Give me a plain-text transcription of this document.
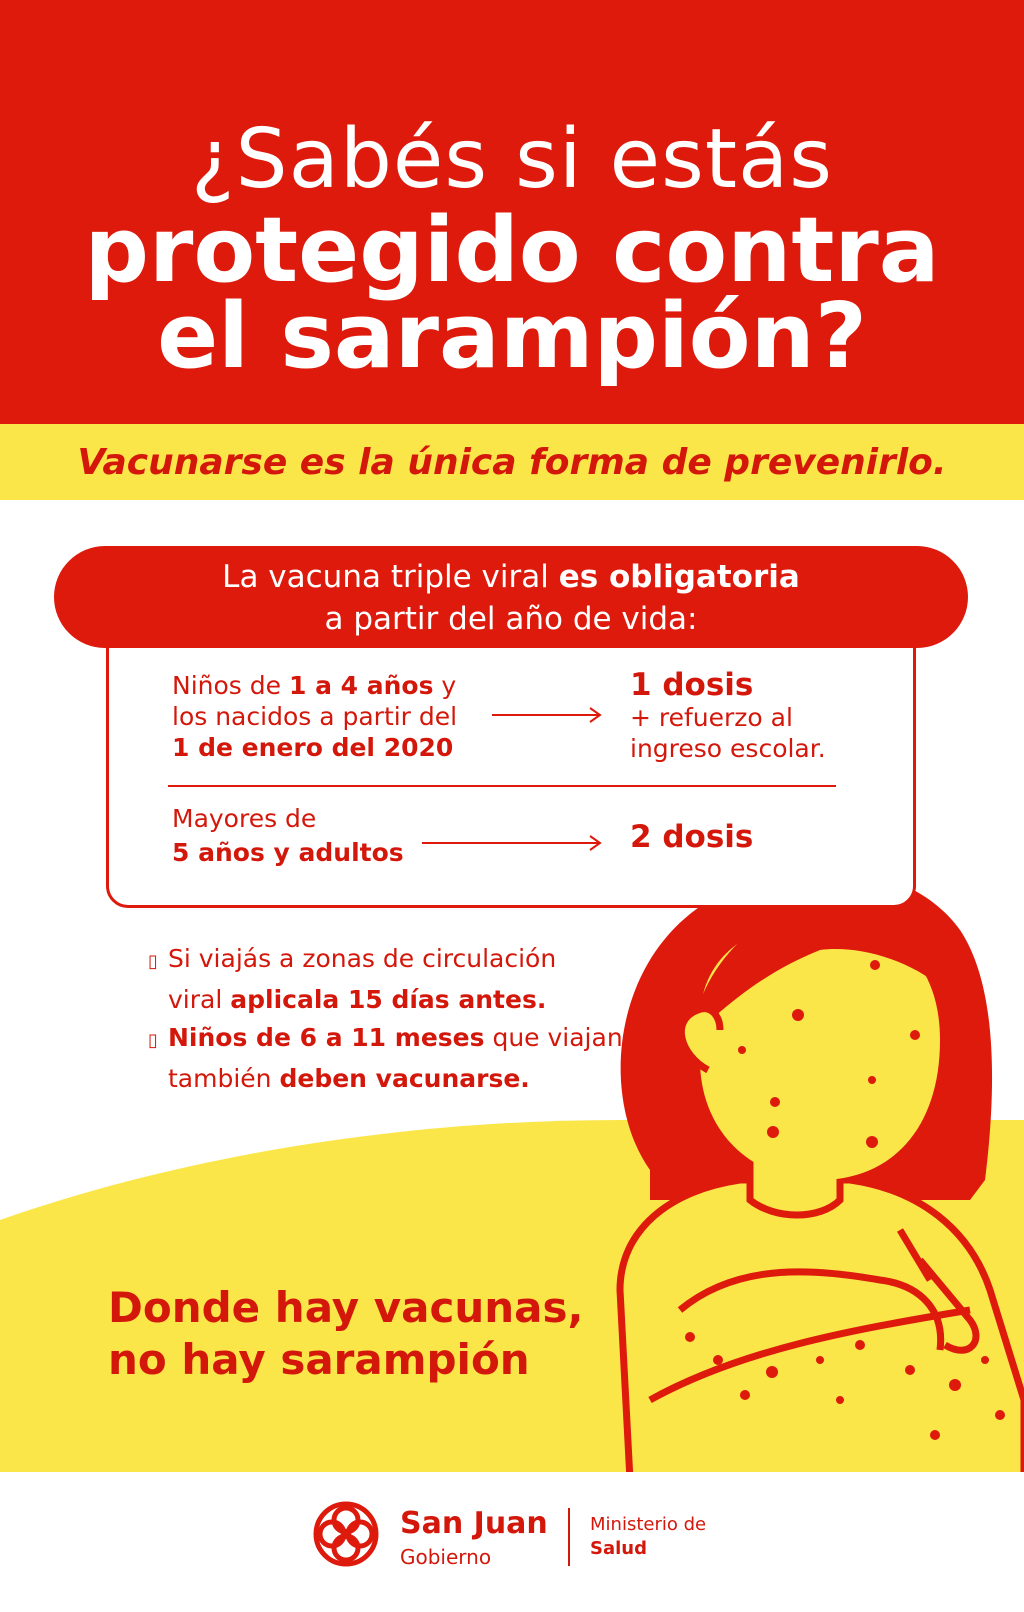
¿Sabés si estás
protegido contra
el sarampión?
Vacunarse es la única forma de prevenirlo.
La vacuna triple viral es obligatoria
a partir del año de vida:
Niños de 1 a 4 años y
los nacidos a partir del
1 de enero del 2020
1 dosis
+ refuerzo al
ingreso escolar.
Mayores de
5 años y adultos	2 dosis
▯ Si viajás a zonas de circulación
viral aplicala 15 días antes.
▯ Niños de 6 a 11 meses que viajan
también deben vacunarse.
Donde hay vacunas,
no hay sarampión
San Juan
Gobierno
Ministerio de
Salud
